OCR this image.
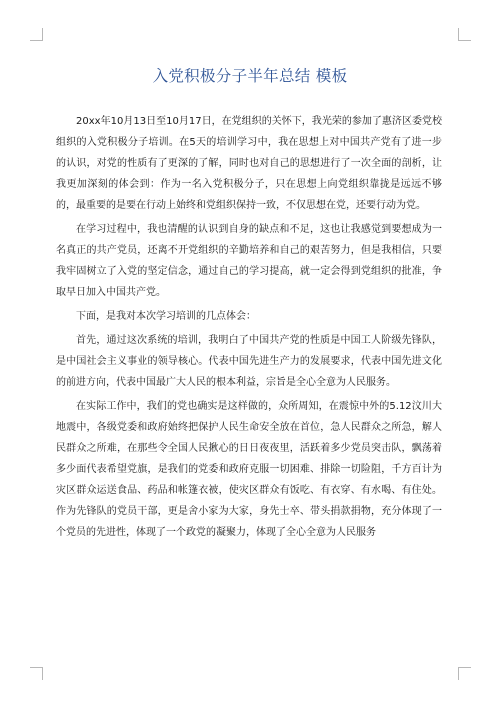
入党积极分子半年总结 模板

20xx年10月13日至10月17日，在党组织的关怀下，我光荣的参加了惠济区委党校组织的入党积极分子培训。在5天的培训学习中，我在思想上对中国共产党有了进一步的认识，对党的性质有了更深的了解，同时也对自己的思想进行了一次全面的剖析，让我更加深刻的体会到：作为一名入党积极分子，只在思想上向党组织靠拢是远远不够的，最重要的是要在行动上始终和党组织保持一致，不仅思想在党，还要行动为党。

在学习过程中，我也清醒的认识到自身的缺点和不足，这也让我感觉到要想成为一名真正的共产党员，还离不开党组织的辛勤培养和自己的艰苦努力，但是我相信，只要我牢固树立了入党的坚定信念，通过自己的学习提高，就一定会得到党组织的批准，争取早日加入中国共产党。

下面，是我对本次学习培训的几点体会：

首先，通过这次系统的培训，我明白了中国共产党的性质是中国工人阶级先锋队，是中国社会主义事业的领导核心。代表中国先进生产力的发展要求，代表中国先进文化的前进方向，代表中国最广大人民的根本利益，宗旨是全心全意为人民服务。

在实际工作中，我们的党也确实是这样做的，众所周知，在震惊中外的5.12汶川大地震中，各级党委和政府始终把保护人民生命安全放在首位，急人民群众之所急，解人民群众之所难，在那些令全国人民揪心的日日夜夜里，活跃着多少党员突击队，飘荡着多少面代表希望党旗，是我们的党委和政府克服一切困难、排除一切险阻，千方百计为灾区群众运送食品、药品和帐篷衣被，使灾区群众有饭吃、有衣穿、有水喝、有住处。作为先锋队的党员干部，更是舍小家为大家，身先士卒、带头捐款捐物，充分体现了一个党员的先进性，体现了一个政党的凝聚力，体现了全心全意为人民服务
